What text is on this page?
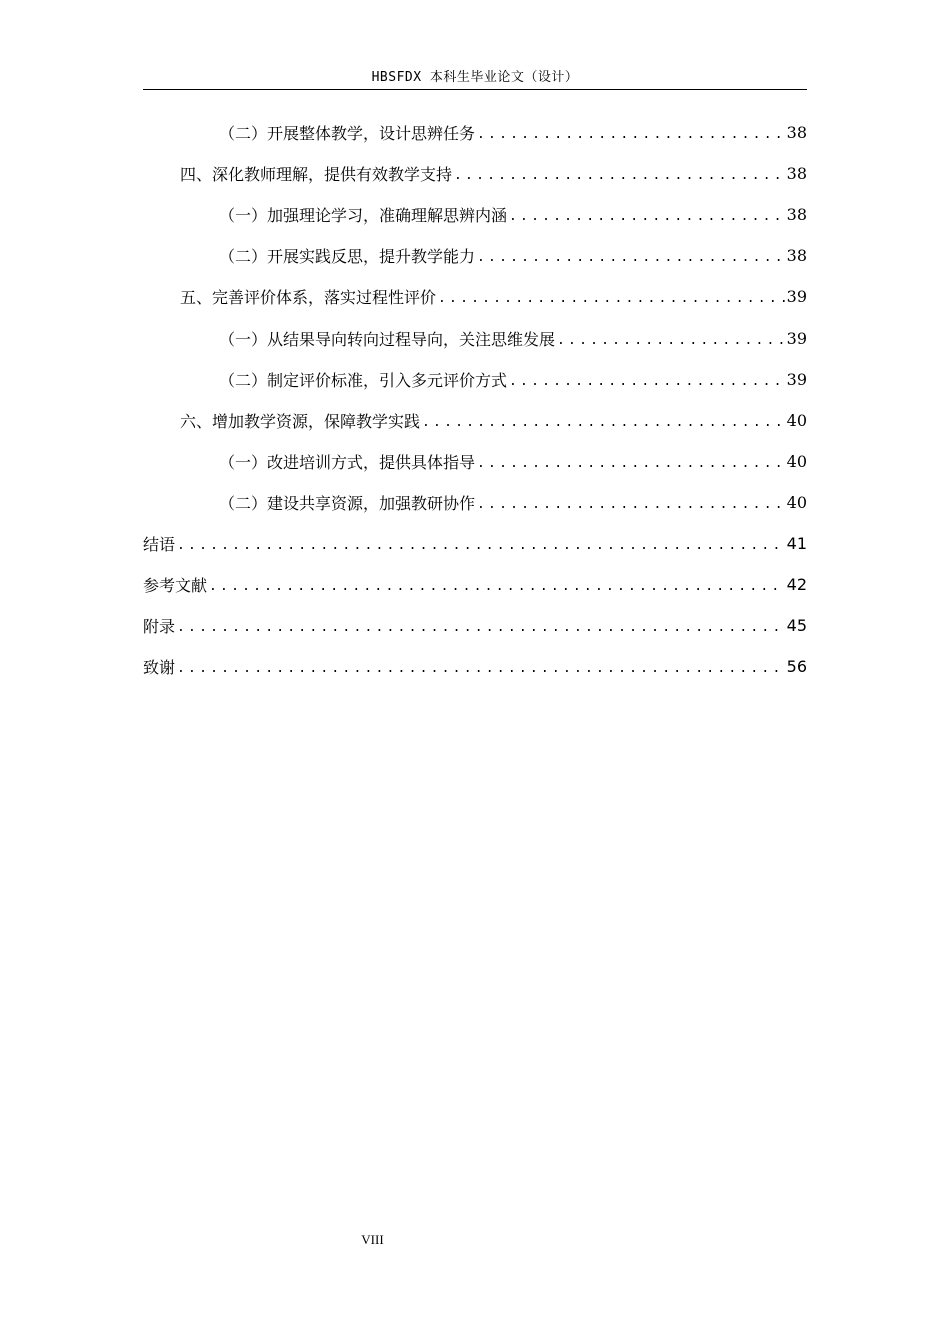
HBSFDX 本科生毕业论文（设计）
（二）开展整体教学，设计思辨任务 .....	38
四、深化教师理解，提供有效教学支持 .....	38
（一）加强理论学习，准确理解思辨内涵 .....	38
（二）开展实践反思，提升教学能力 .....	38
五、完善评价体系，落实过程性评价 .....	39
（一）从结果导向转向过程导向，关注思维发展 .....	39
（二）制定评价标准，引入多元评价方式 .....	39
六、增加教学资源，保障教学实践 .....	40
（一）改进培训方式，提供具体指导 .....	40
（二）建设共享资源，加强教研协作 .....	40
结语 .....	41
参考文献 .....	42
附录 .....	45
致谢 .....	56
VIII
